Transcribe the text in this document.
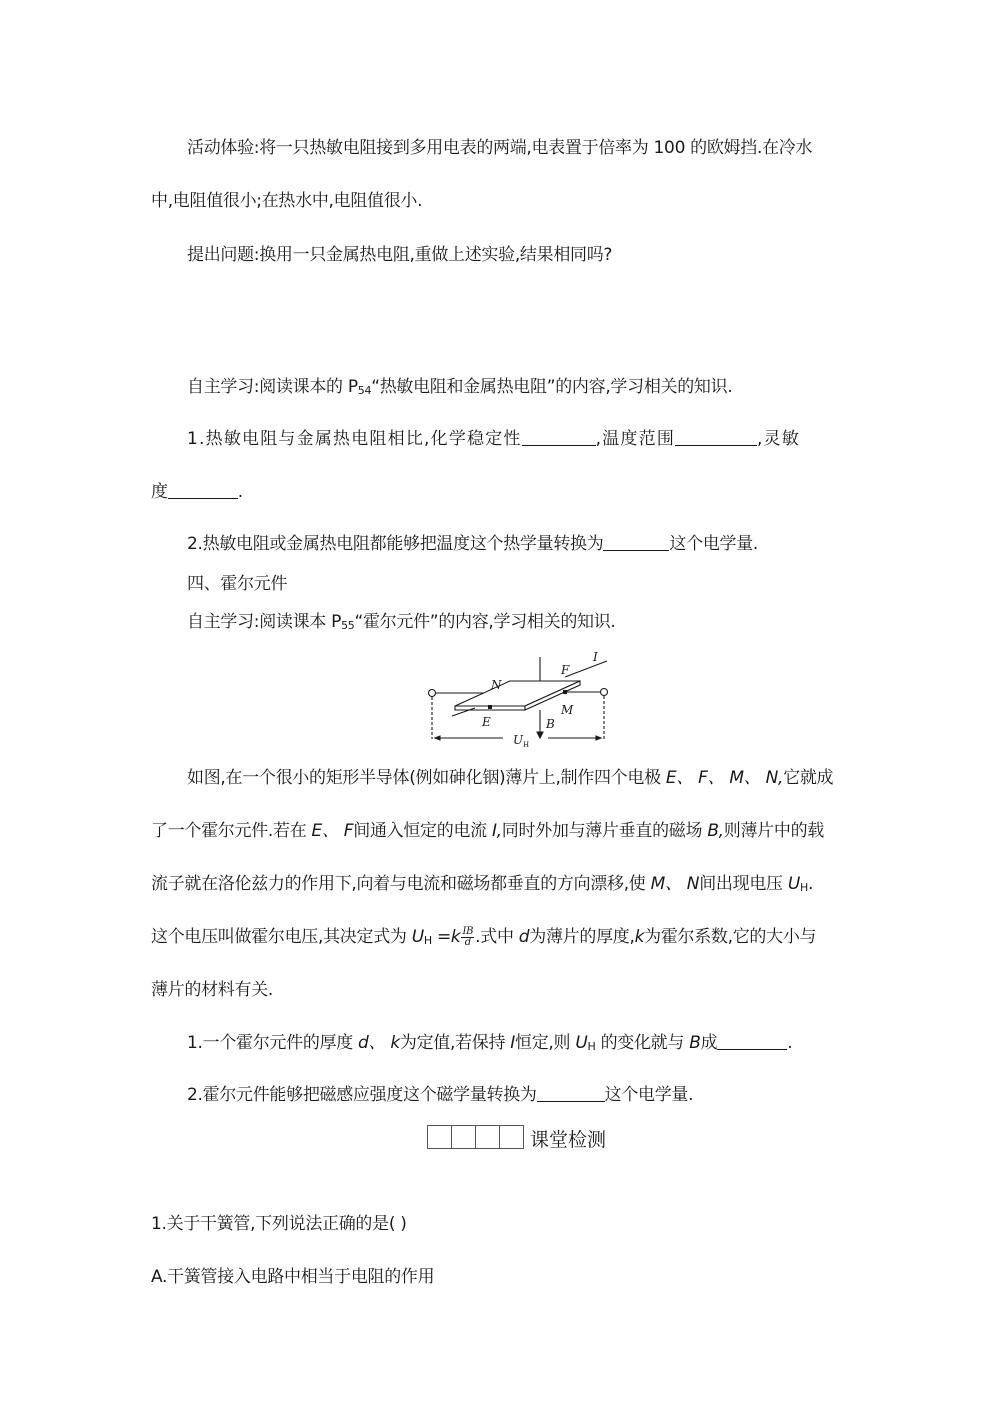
活动体验:将一只热敏电阻接到多用电表的两端,电表置于倍率为 100 的欧姆挡.在冷水
中,电阻值很小;在热水中,电阻值很小.
提出问题:换用一只金属热电阻,重做上述实验,结果相同吗?
自主学习:阅读课本的 $P_{54}“$热敏电阻和金属热电阻”的内容,学习相关的知识.
1.热敏电阻与金属热电阻相比,化学稳定性	,温度范围	,灵敏
度	.
2.热敏电阻或金属热电阻都能够把温度这个热学量转换为	这个电学量.
四、霍尔元件
自主学习:阅读课本 $P_{55}“$霍尔元件”的内容,学习相关的知识.
N
F
I
M
E	B
U H
如图,在一个很小的矩形半导体(例如砷化铟)薄片上,制作四个电极 E、 F、 M、 N,它就成
了一个霍尔元件.若在 E、 F间通入恒定的电流 I,同时外加与薄片垂直的磁场 B,则薄片中的载
流子就在洛伦兹力的作用下,向着与电流和磁场都垂直的方向漂移,使 M、 N间出现电压 $U_H$.
这个电压叫做霍尔电压,其决定式为 $U_H =k \frac{IB}{d}$ .式中 d为薄片的厚度,k为霍尔系数,它的大小与
薄片的材料有关.
1.一个霍尔元件的厚度 d、 k为定值,若保持 I恒定,则 $U_H$ 的变化就与 B成	.
2.霍尔元件能够把磁感应强度这个磁学量转换为	这个电学量.
课堂检测
1.关于干簧管,下列说法正确的是( )
A.干簧管接入电路中相当于电阻的作用
